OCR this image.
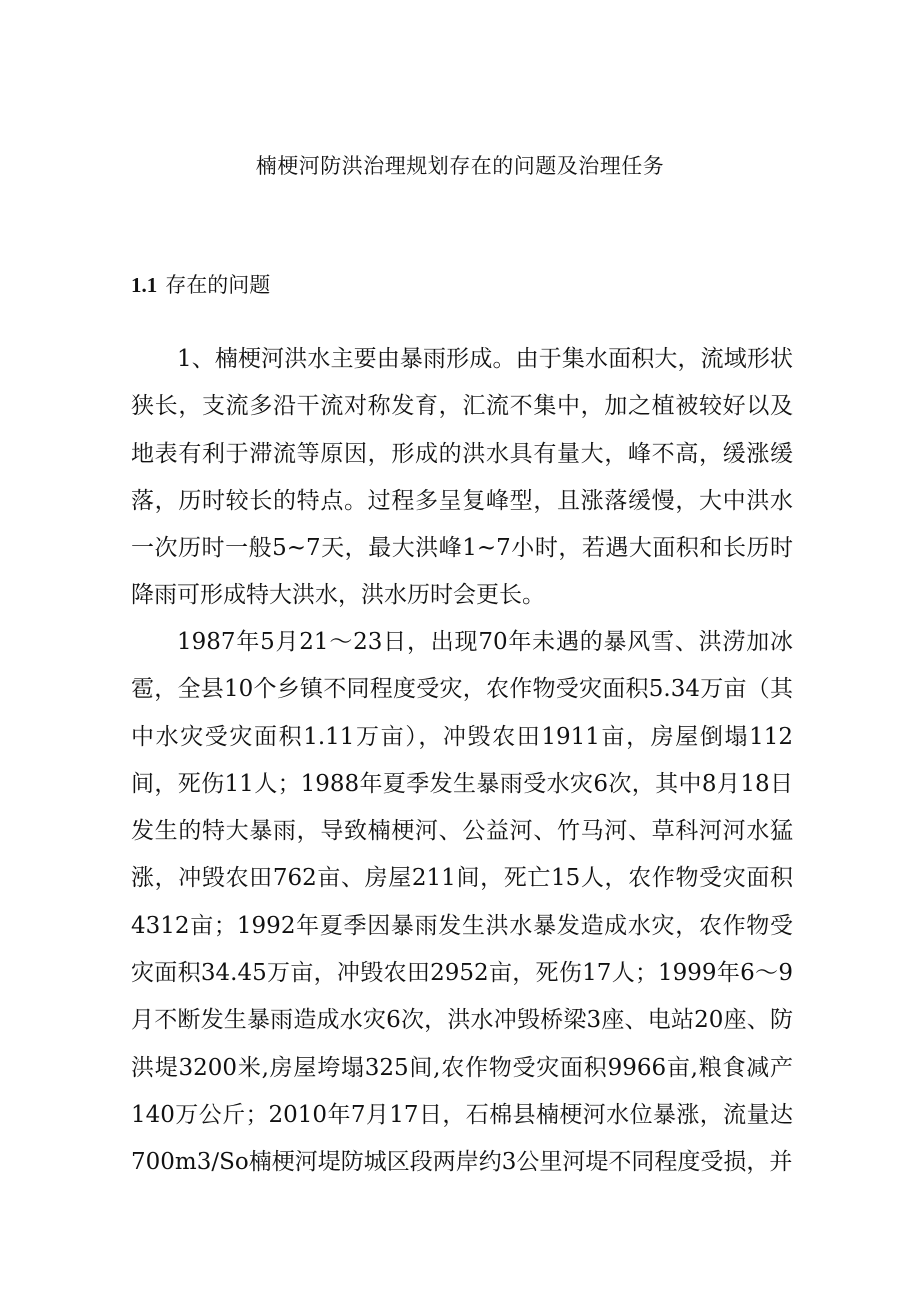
楠梗河防洪治理规划存在的问题及治理任务
1.1 存在的问题

1、楠梗河洪水主要由暴雨形成。由于集水面积大，流域形状狭长，支流多沿干流对称发育，汇流不集中，加之植被较好以及地表有利于滞流等原因，形成的洪水具有量大，峰不高，缓涨缓落，历时较长的特点。过程多呈复峰型，且涨落缓慢，大中洪水一次历时一般5~7天，最大洪峰1~7小时，若遇大面积和长历时降雨可形成特大洪水，洪水历时会更长。

1987年5月21～23日，出现70年未遇的暴风雪、洪涝加冰雹，全县10个乡镇不同程度受灾，农作物受灾面积5.34万亩（其中水灾受灾面积1.11万亩），冲毁农田1911亩，房屋倒塌112间，死伤11人；1988年夏季发生暴雨受水灾6次，其中8月18日发生的特大暴雨，导致楠梗河、公益河、竹马河、草科河河水猛涨，冲毁农田762亩、房屋211间，死亡15人，农作物受灾面积4312亩；1992年夏季因暴雨发生洪水暴发造成水灾，农作物受灾面积34.45万亩，冲毁农田2952亩，死伤17人；1999年6～9月不断发生暴雨造成水灾6次，洪水冲毁桥梁3座、电站20座、防洪堤3200米,房屋垮塌325间,农作物受灾面积9966亩,粮食减产140万公斤；2010年7月17日，石棉县楠梗河水位暴涨，流量达700m3∕So楠梗河堤防城区段两岸约3公里河堤不同程度受损，并
